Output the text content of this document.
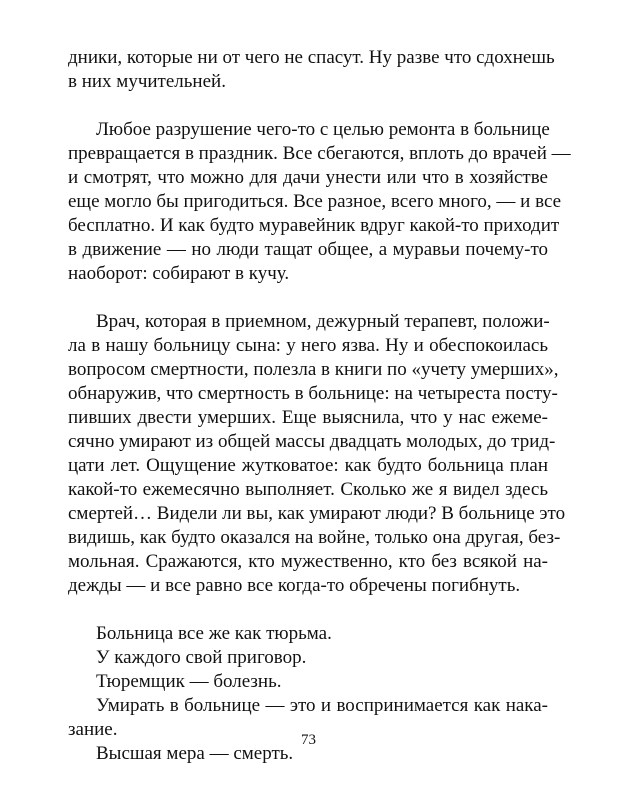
дники, которые ни от чего не спасут. Ну разве что сдохнешь
в них мучительней.
Любое разрушение чего-то с целью ремонта в больнице
превращается в праздник. Все сбегаются, вплоть до врачей —
и смотрят, что можно для дачи унести или что в хозяйстве
еще могло бы пригодиться. Все разное, всего много, — и все
бесплатно. И как будто муравейник вдруг какой-то приходит
в движение — но люди тащат общее, а муравьи почему-то
наоборот: собирают в кучу.
Врач, которая в приемном, дежурный терапевт, положи-
ла в нашу больницу сына: у него язва. Ну и обеспокоилась
вопросом смертности, полезла в книги по «учету умерших»,
обнаружив, что смертность в больнице: на четыреста посту-
пивших двести умерших. Еще выяснила, что у нас ежеме-
сячно умирают из общей массы двадцать молодых, до трид-
цати лет. Ощущение жутковатое: как будто больница план
какой-то ежемесячно выполняет. Сколько же я видел здесь
смертей… Видели ли вы, как умирают люди? В больнице это
видишь, как будто оказался на войне, только она другая, без-
мольная. Сражаются, кто мужественно, кто без всякой на-
дежды — и все равно все когда-то обречены погибнуть.
Больница все же как тюрьма.
У каждого свой приговор.
Тюремщик — болезнь.
Умирать в больнице — это и воспринимается как нака-
зание.
Высшая мера — смерть.
73
